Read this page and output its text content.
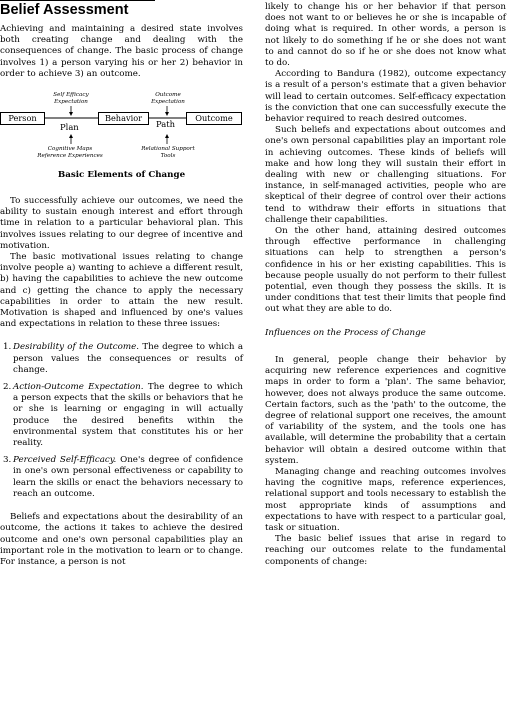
Belief Assessment

Achieving and maintaining a desired state involves both creating change and dealing with the consequences of change. The basic process of change involves 1) a person varying his or her 2) behavior in order to achieve 3) an outcome.

Self Efficacy
Expectation
Outcome
Expectation
Person	Behavior	Outcome
Plan	Path
Cognitive Maps
Reference Experiences
Relational Support
Tools
Basic Elements of Change

To successfully achieve our outcomes, we need the ability to sustain enough interest and effort through time in relation to a particular behavioral plan. This involves issues relating to our degree of incentive and motivation.

The basic motivational issues relating to change involve people a) wanting to achieve a different result, b) having the capabilities to achieve the new outcome and c) getting the chance to apply the necessary capabilities in order to attain the new result. Motivation is shaped and influenced by one's values and expectations in relation to these three issues:

1. Desirability of the Outcome. The degree to which a person values the consequences or results of change.
2. Action-Outcome Expectation. The degree to which a person expects that the skills or behaviors that he or she is learning or engaging in will actually produce the desired benefits within the environmental system that constitutes his or her reality.
3. Perceived Self-Efficacy. One's degree of confidence in one's own personal effectiveness or capability to learn the skills or enact the behaviors necessary to reach an outcome.

Beliefs and expectations about the desirability of an outcome, the actions it takes to achieve the desired outcome and one's own personal capabilities play an important role in the motivation to learn or to change. For instance, a person is not

likely to change his or her behavior if that person does not want to or believes he or she is incapable of doing what is required. In other words, a person is not likely to do something if he or she does not want to and cannot do so if he or she does not know what to do.

According to Bandura (1982), outcome expectancy is a result of a person's estimate that a given behavior will lead to certain outcomes. Self-efficacy expectation is the conviction that one can successfully execute the behavior required to reach desired outcomes.

Such beliefs and expectations about outcomes and one's own personal capabilities play an important role in achieving outcomes. These kinds of beliefs will make and how long they will sustain their effort in dealing with new or challenging situations. For instance, in self-managed activities, people who are skeptical of their degree of control over their actions tend to withdraw their efforts in situations that challenge their capabilities.

On the other hand, attaining desired outcomes through effective performance in challenging situations can help to strengthen a person's confidence in his or her existing capabilities. This is because people usually do not perform to their fullest potential, even though they possess the skills. It is under conditions that test their limits that people find out what they are able to do.

Influences on the Process of Change

In general, people change their behavior by acquiring new reference experiences and cognitive maps in order to form a 'plan'. The same behavior, however, does not always produce the same outcome. Certain factors, such as the 'path' to the outcome, the degree of relational support one receives, the amount of variability of the system, and the tools one has available, will determine the probability that a certain behavior will obtain a desired outcome within that system.

Managing change and reaching outcomes involves having the cognitive maps, reference experiences, relational support and tools necessary to establish the most appropriate kinds of assumptions and expectations to have with respect to a particular goal, task or situation.

The basic belief issues that arise in regard to reaching our outcomes relate to the fundamental components of change:
